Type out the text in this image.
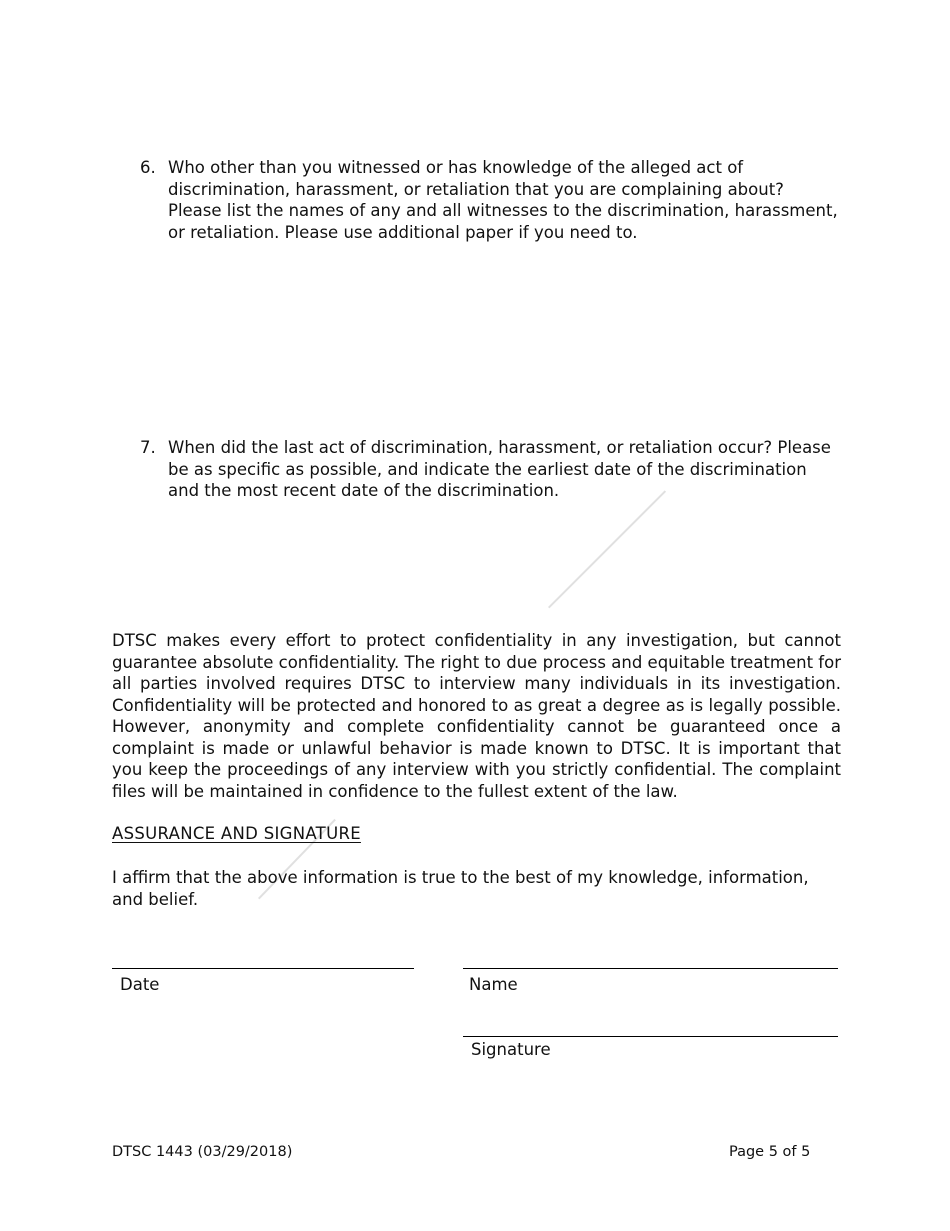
6. Who other than you witnessed or has knowledge of the alleged act of discrimination, harassment, or retaliation that you are complaining about? Please list the names of any and all witnesses to the discrimination, harassment, or retaliation. Please use additional paper if you need to.
7. When did the last act of discrimination, harassment, or retaliation occur? Please be as specific as possible, and indicate the earliest date of the discrimination and the most recent date of the discrimination.
DTSC makes every effort to protect confidentiality in any investigation, but cannot guarantee absolute confidentiality. The right to due process and equitable treatment for all parties involved requires DTSC to interview many individuals in its investigation. Confidentiality will be protected and honored to as great a degree as is legally possible. However, anonymity and complete confidentiality cannot be guaranteed once a complaint is made or unlawful behavior is made known to DTSC. It is important that you keep the proceedings of any interview with you strictly confidential. The complaint files will be maintained in confidence to the fullest extent of the law.
ASSURANCE AND SIGNATURE
I affirm that the above information is true to the best of my knowledge, information, and belief.
Date	Name
Signature
DTSC 1443 (03/29/2018)	Page 5 of 5
